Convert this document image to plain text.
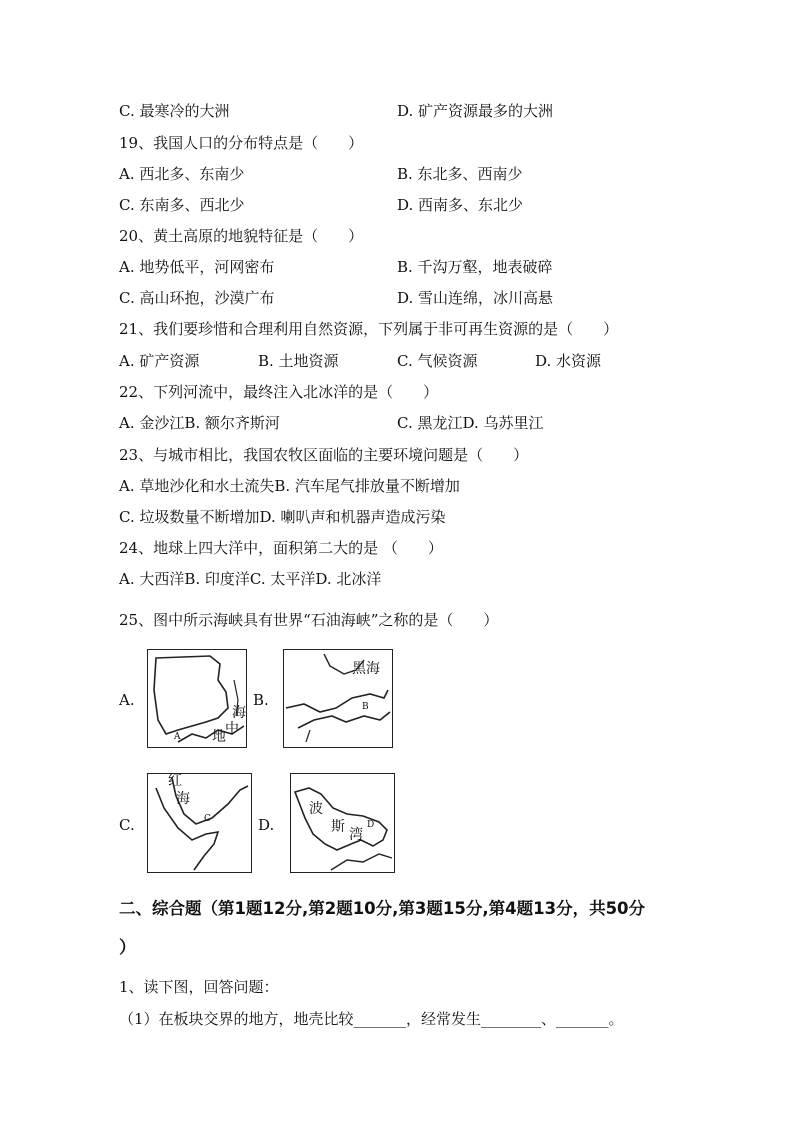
C. 最寒冷的大洲	D. 矿产资源最多的大洲
19、我国人口的分布特点是（　　）
A. 西北多、东南少	B. 东北多、西南少
C. 东南多、西北少	D. 西南多、东北少
20、黄土高原的地貌特征是（　　）
A. 地势低平，河网密布	B. 千沟万壑，地表破碎
C. 高山环抱，沙漠广布	D. 雪山连绵，冰川高悬
21、我们要珍惜和合理利用自然资源，下列属于非可再生资源的是（　　）
A. 矿产资源	B. 土地资源	C. 气候资源	D. 水资源
22、下列河流中，最终注入北冰洋的是（　　）
A. 金沙江B. 额尔齐斯河	C. 黑龙江D. 乌苏里江
23、与城市相比，我国农牧区面临的主要环境问题是（　　）
A. 草地沙化和水土流失B. 汽车尾气排放量不断增加
C. 垃圾数量不断增加D. 喇叭声和机器声造成污染
24、地球上四大洋中，面积第二大的是 （　　）
A. 大西洋B. 印度洋C. 太平洋D. 北冰洋
25、图中所示海峡具有世界“石油海峡”之称的是（　　）
A.
海
中
地
A
B.
黑海
B
C.
红
海
C	D.
波
斯 湾
D
二、综合题（第1题12分,第2题10分,第3题15分,第4题13分，共50分
）
1、读下图，回答问题：
（1）在板块交界的地方，地壳比较_______，经常发生________、_______。
